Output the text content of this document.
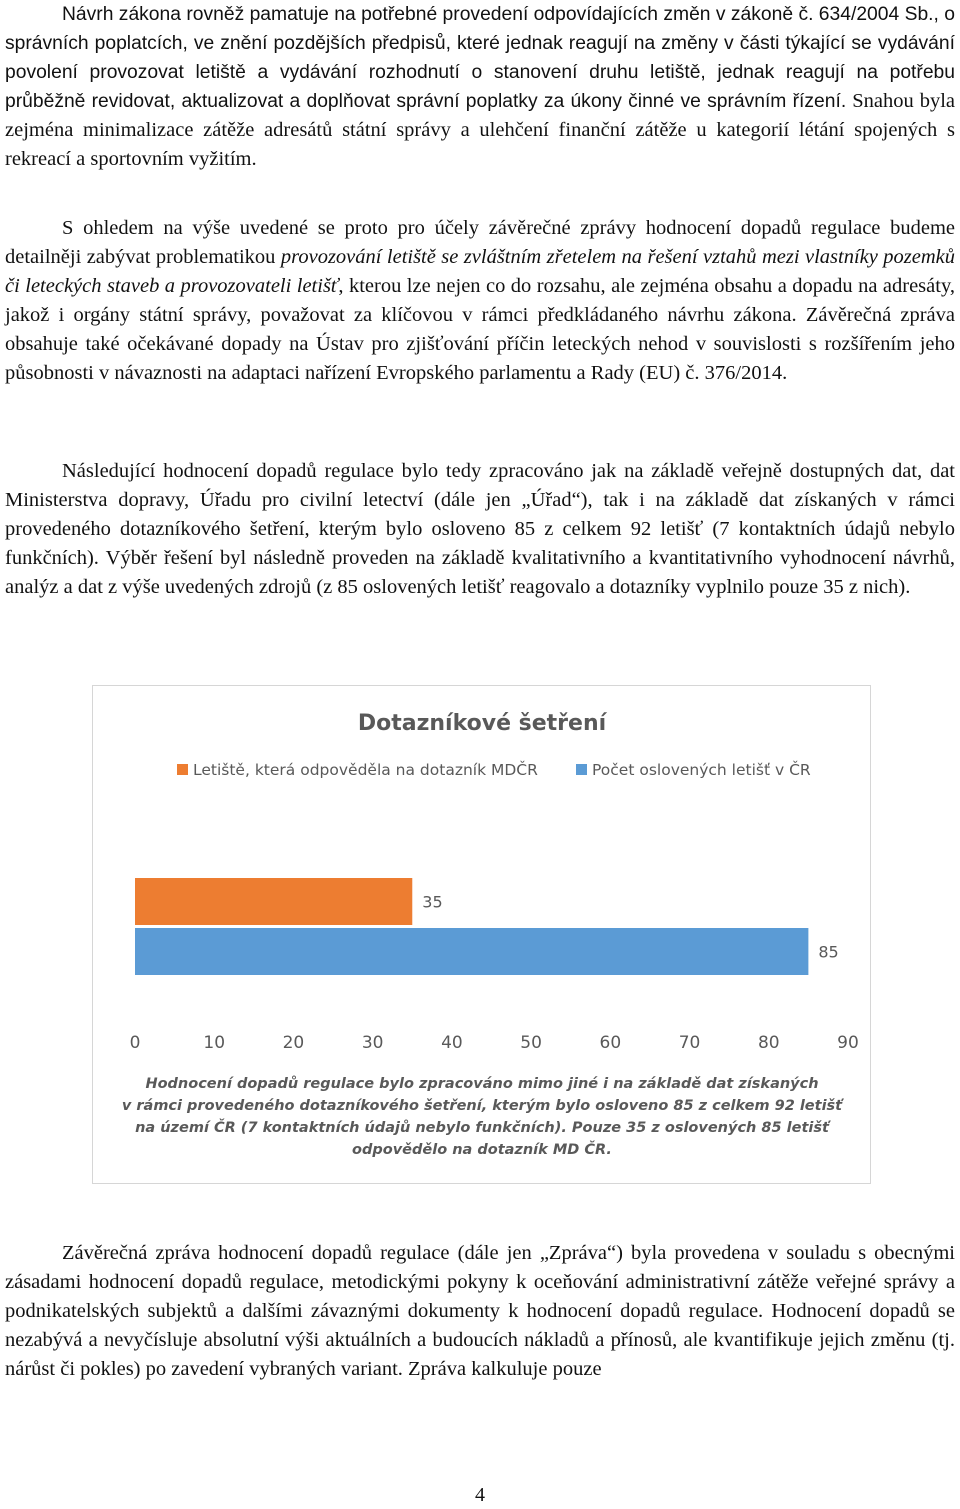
Návrh zákona rovněž pamatuje na potřebné provedení odpovídajících změn v zákoně č. 634/2004 Sb., o správních poplatcích, ve znění pozdějších předpisů, které jednak reagují na změny v části týkající se vydávání povolení provozovat letiště a vydávání rozhodnutí o stanovení druhu letiště, jednak reagují na potřebu průběžně revidovat, aktualizovat a doplňovat správní poplatky za úkony činné ve správním řízení. Snahou byla zejména minimalizace zátěže adresátů státní správy a ulehčení finanční zátěže u kategorií létání spojených s rekreací a sportovním vyžitím.

S ohledem na výše uvedené se proto pro účely závěrečné zprávy hodnocení dopadů regulace budeme detailněji zabývat problematikou provozování letiště se zvláštním zřetelem na řešení vztahů mezi vlastníky pozemků či leteckých staveb a provozovateli letišť, kterou lze nejen co do rozsahu, ale zejména obsahu a dopadu na adresáty, jakož i orgány státní správy, považovat za klíčovou v rámci předkládaného návrhu zákona. Závěrečná zpráva obsahuje také očekávané dopady na Ústav pro zjišťování příčin leteckých nehod v souvislosti s rozšířením jeho působnosti v návaznosti na adaptaci nařízení Evropského parlamentu a Rady (EU) č. 376/2014.

Následující hodnocení dopadů regulace bylo tedy zpracováno jak na základě veřejně dostupných dat, dat Ministerstva dopravy, Úřadu pro civilní letectví (dále jen „Úřad“), tak i na základě dat získaných v rámci provedeného dotazníkového šetření, kterým bylo osloveno 85 z celkem 92 letišť (7 kontaktních údajů nebylo funkčních). Výběr řešení byl následně proveden na základě kvalitativního a kvantitativního vyhodnocení návrhů, analýz a dat z výše uvedených zdrojů (z 85 oslovených letišť reagovalo a dotazníky vyplnilo pouze 35 z nich).

Dotazníkové šetření
Letiště, která odpověděla na dotazník MDČR	Počet oslovených letišť v ČR
35
85
0	10	20	30	40	50	60	70	80	90
Hodnocení dopadů regulace bylo zpracováno mimo jiné i na základě dat získaných
v rámci provedeného dotazníkového šetření, kterým bylo osloveno 85 z celkem 92 letišť
na území ČR (7 kontaktních údajů nebylo funkčních). Pouze 35 z oslovených 85 letišť
odpovědělo na dotazník MD ČR.

Závěrečná zpráva hodnocení dopadů regulace (dále jen „Zpráva“) byla provedena v souladu s obecnými zásadami hodnocení dopadů regulace, metodickými pokyny k oceňování administrativní zátěže veřejné správy a podnikatelských subjektů a dalšími závaznými dokumenty k hodnocení dopadů regulace. Hodnocení dopadů se nezabývá a nevyčísluje absolutní výši aktuálních a budoucích nákladů a přínosů, ale kvantifikuje jejich změnu (tj. nárůst či pokles) po zavedení vybraných variant. Zpráva kalkuluje pouze

4
